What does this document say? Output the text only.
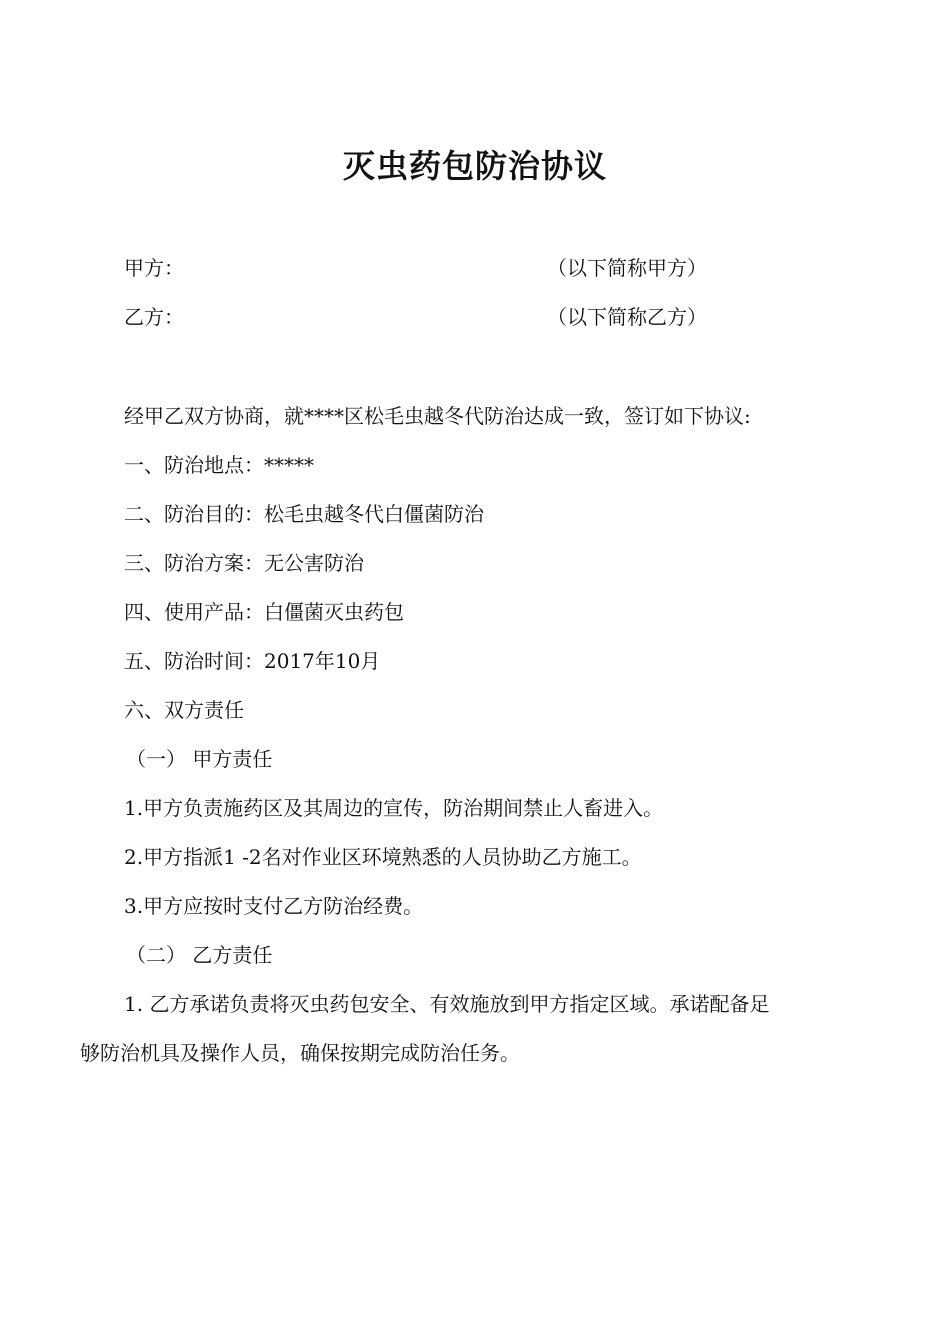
灭虫药包防治协议
甲方：	（以下简称甲方）
乙方：	（以下简称乙方）
经甲乙双方协商，就****区松毛虫越冬代防治达成一致，签订如下协议:
一、防治地点：*****
二、防治目的：松毛虫越冬代白僵菌防治
三、防治方案：无公害防治
四、使用产品：白僵菌灭虫药包
五、防治时间：2017年10月
六、双方责任
（一） 甲方责任
1.甲方负责施药区及其周边的宣传，防治期间禁止人畜进入。
2.甲方指派1 -2名对作业区环境熟悉的人员协助乙方施工。
3.甲方应按时支付乙方防治经费。
（二） 乙方责任
1. 乙方承诺负责将灭虫药包安全、有效施放到甲方指定区域。承诺配备足
够防治机具及操作人员，确保按期完成防治任务。
